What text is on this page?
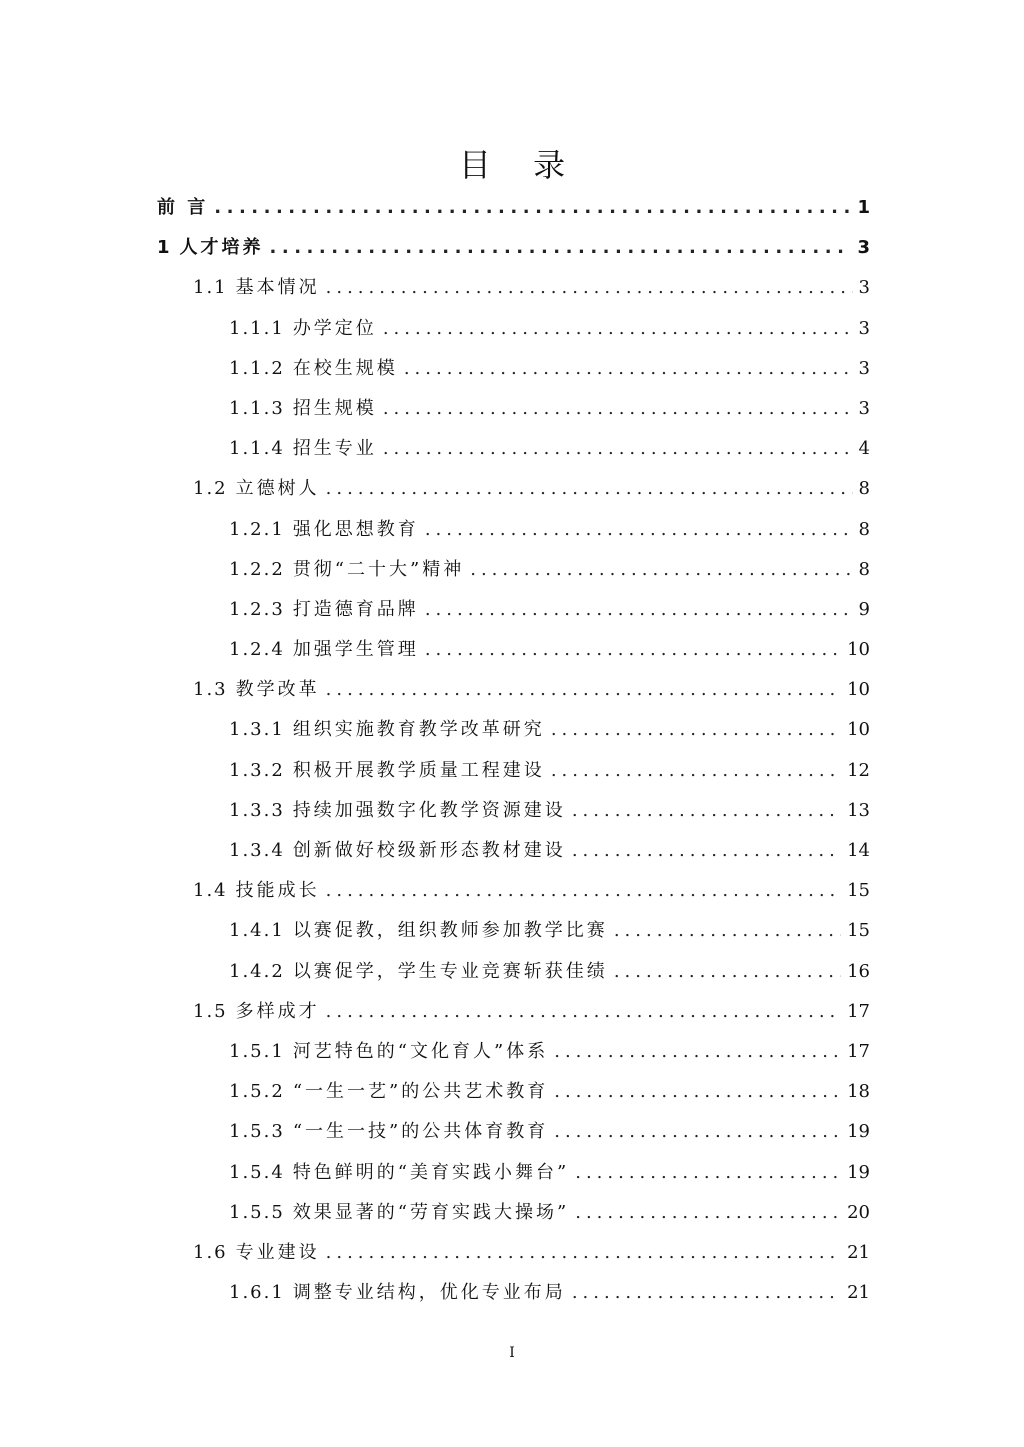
目 录
前 言 .....	1
1 人才培养 .....	3
1.1 基本情况 .....	3
1.1.1 办学定位 .....	3
1.1.2 在校生规模 .....	3
1.1.3 招生规模 .....	3
1.1.4 招生专业 .....	4
1.2 立德树人 .....	8
1.2.1 强化思想教育 .....	8
1.2.2 贯彻“二十大”精神 .....	8
1.2.3 打造德育品牌 .....	9
1.2.4 加强学生管理 .....	10
1.3 教学改革 .....	10
1.3.1 组织实施教育教学改革研究 .....	10
1.3.2 积极开展教学质量工程建设 .....	12
1.3.3 持续加强数字化教学资源建设 .....	13
1.3.4 创新做好校级新形态教材建设 .....	14
1.4 技能成长 .....	15
1.4.1 以赛促教，组织教师参加教学比赛 .....	15
1.4.2 以赛促学，学生专业竞赛斩获佳绩 .....	16
1.5 多样成才 .....	17
1.5.1 河艺特色的“文化育人”体系 .....	17
1.5.2 “一生一艺”的公共艺术教育 .....	18
1.5.3 “一生一技”的公共体育教育 .....	19
1.5.4 特色鲜明的“美育实践小舞台” .....	19
1.5.5 效果显著的“劳育实践大操场” .....	20
1.6 专业建设 .....	21
1.6.1 调整专业结构，优化专业布局 .....	21
I
